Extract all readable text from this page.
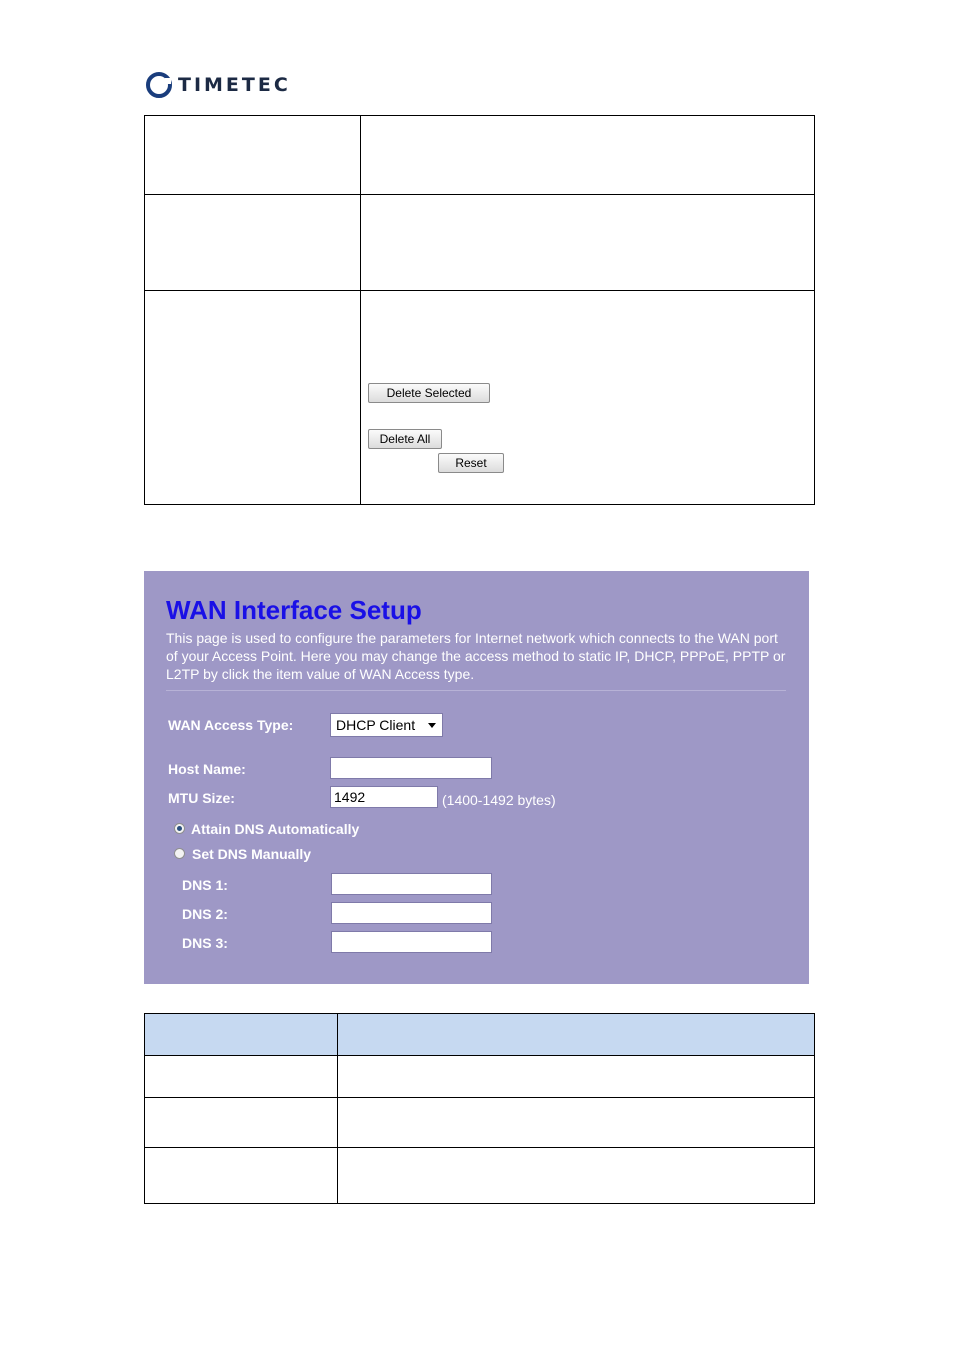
TIMETEC

Delete Selected
Delete All
Reset
WAN Interface Setup

This page is used to configure the parameters for Internet network which connects to the WAN port of your Access Point. Here you may change the access method to static IP, DHCP, PPPoE, PPTP or L2TP by click the item value of WAN Access type.

WAN Access Type:	DHCP Client
Host Name:
MTU Size:	1492	(1400-1492 bytes)
Attain DNS Automatically
Set DNS Manually
DNS 1:
DNS 2:
DNS 3:
